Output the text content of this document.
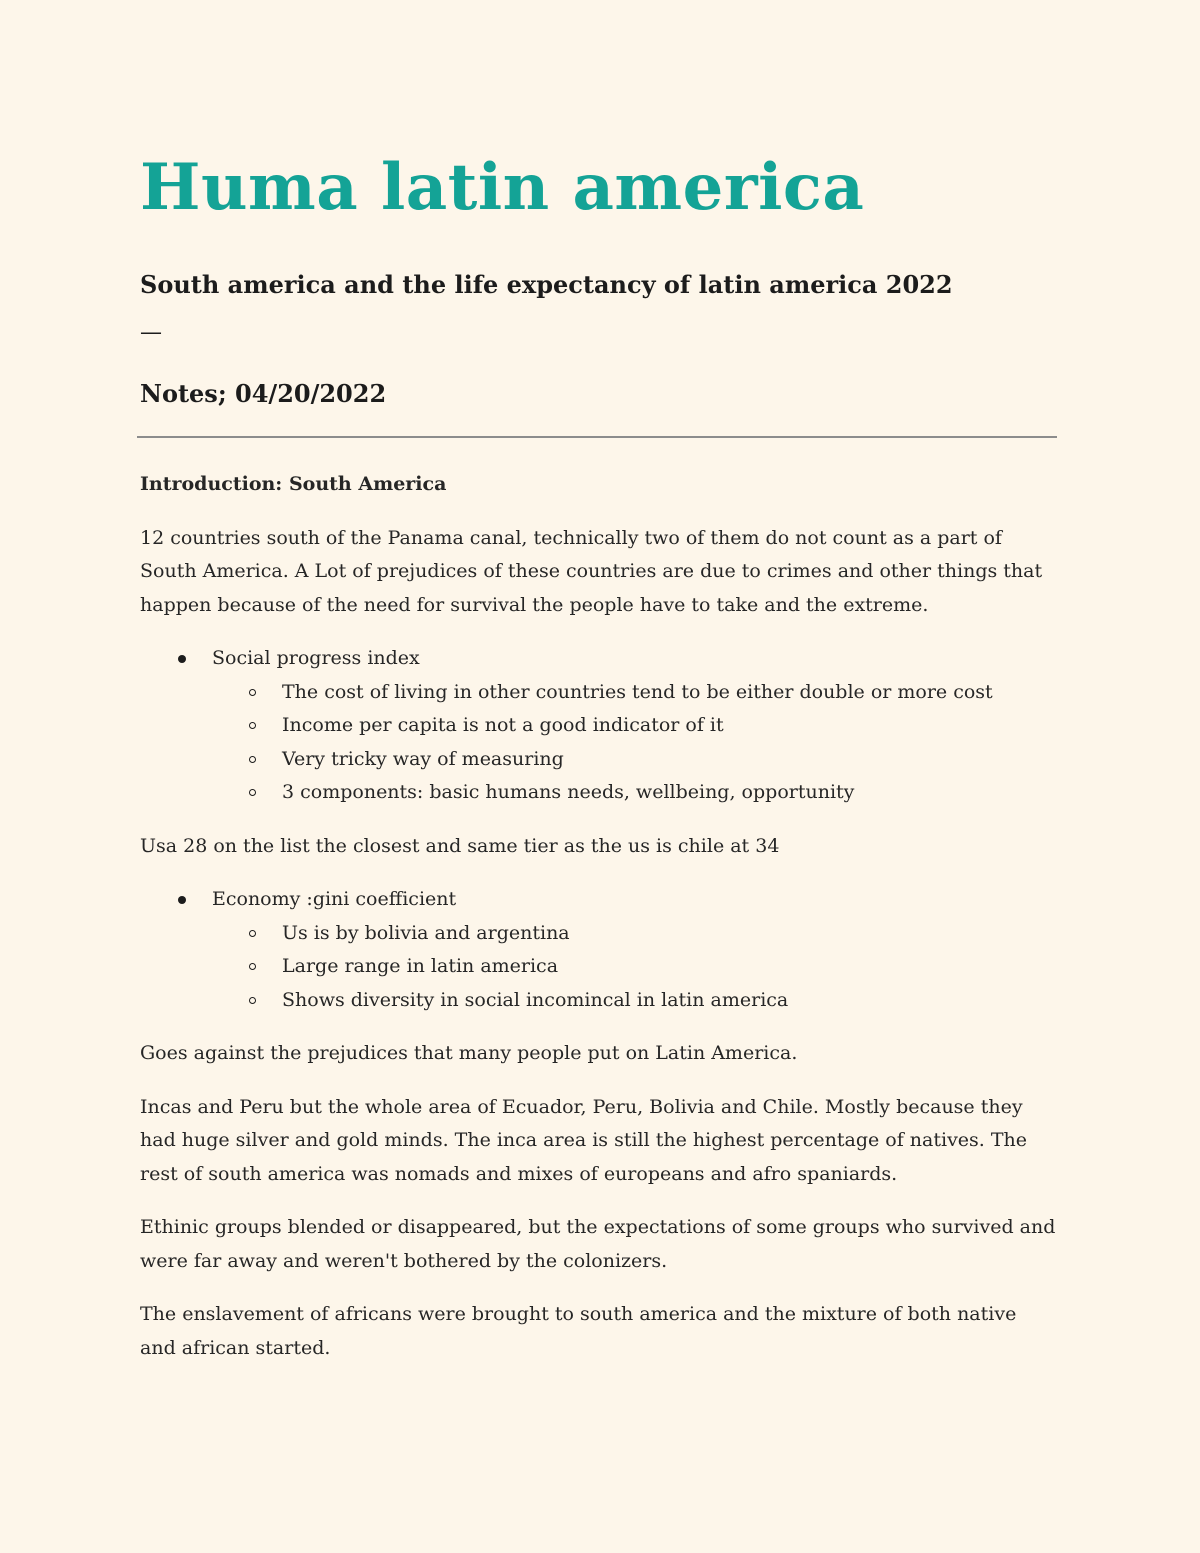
Huma latin america
South america and the life expectancy of latin america 2022
—
Notes; 04/20/2022

Introduction: South America

12 countries south of the Panama canal, technically two of them do not count as a part of South America. A Lot of prejudices of these countries are due to crimes and other things that happen because of the need for survival the people have to take and the extreme.

Social progress index
The cost of living in other countries tend to be either double or more cost
Income per capita is not a good indicator of it
Very tricky way of measuring
3 components: basic humans needs, wellbeing, opportunity

Usa 28 on the list the closest and same tier as the us is chile at 34

Economy :gini coefficient
Us is by bolivia and argentina
Large range in latin america
Shows diversity in social incomincal in latin america

Goes against the prejudices that many people put on Latin America.

Incas and Peru but the whole area of Ecuador, Peru, Bolivia and Chile. Mostly because they had huge silver and gold minds. The inca area is still the highest percentage of natives. The rest of south america was nomads and mixes of europeans and afro spaniards.

Ethinic groups blended or disappeared, but the expectations of some groups who survived and were far away and weren't bothered by the colonizers.

The enslavement of africans were brought to south america and the mixture of both native and african started.
